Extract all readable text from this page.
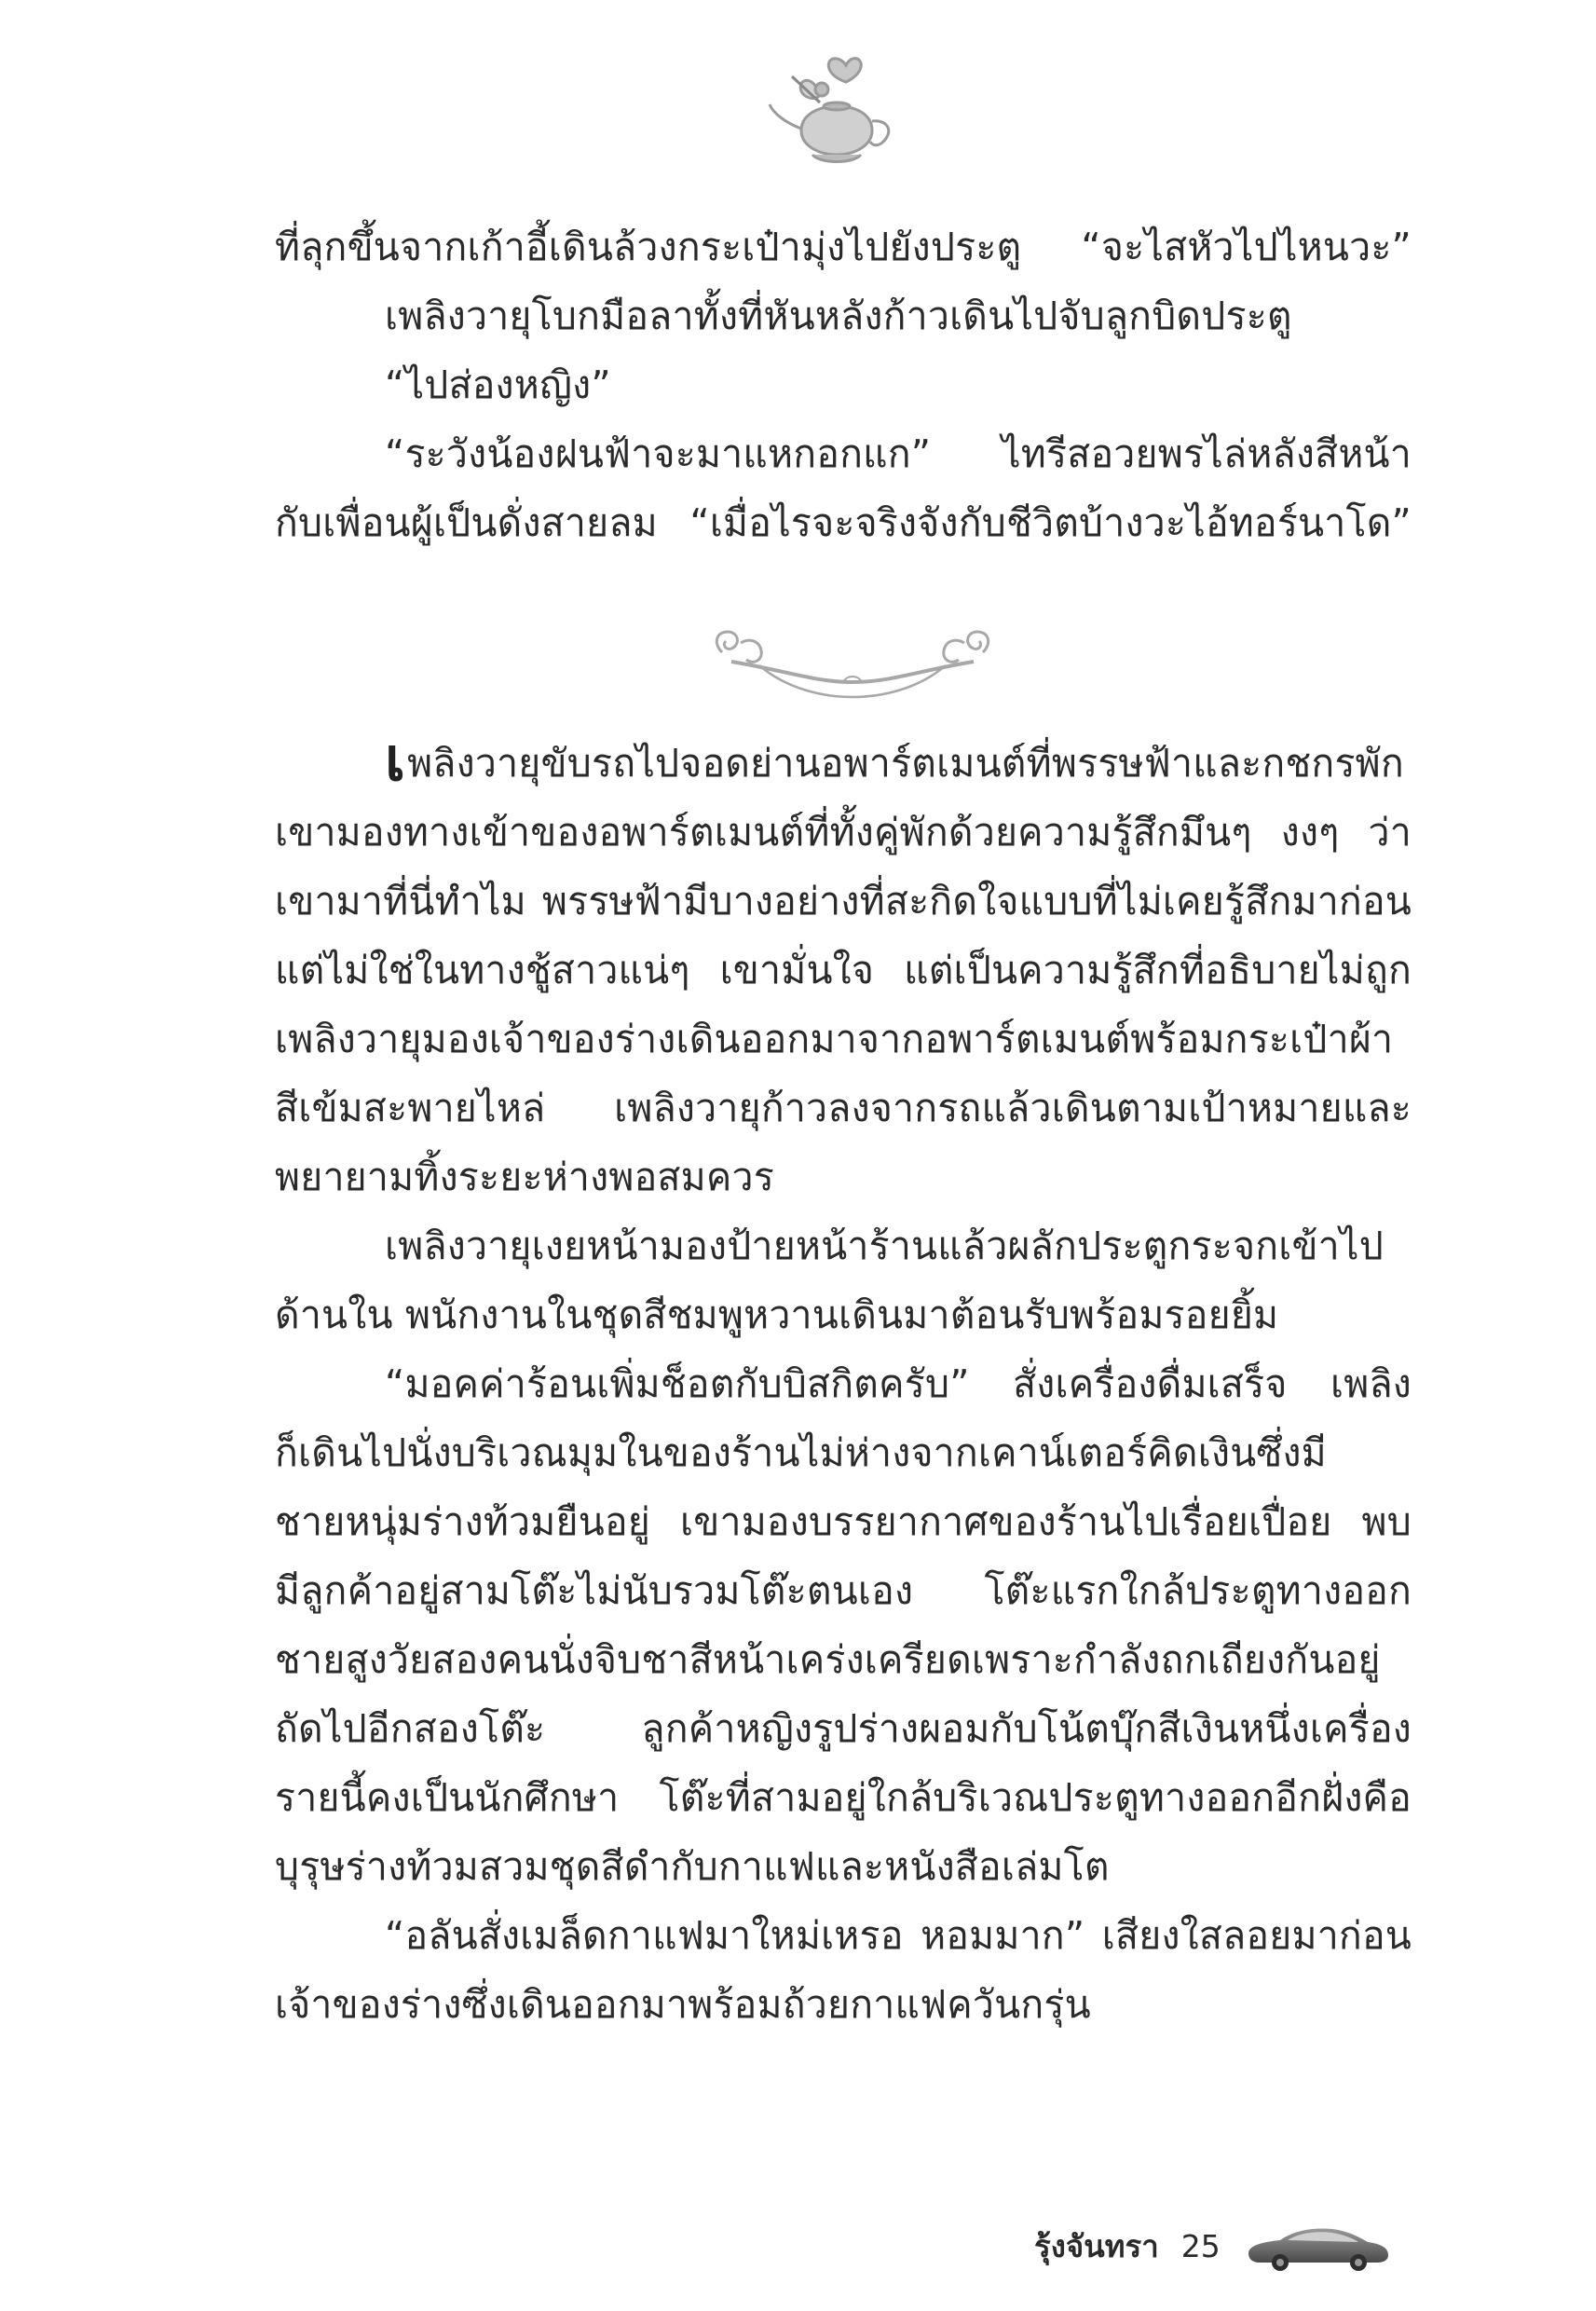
ที่ลุกขึ้นจากเก้าอี้เดินล้วงกระเป๋ามุ่งไปยังประตู “จะไสหัวไปไหนวะ”
เพลิงวายุโบกมือลาทั้งที่หันหลังก้าวเดินไปจับลูกบิดประตู
“ไปส่องหญิง”
“ระวังน้องฝนฟ้าจะมาแหกอกแก” ไทรีสอวยพรไล่หลังสีหน้า
กับเพื่อนผู้เป็นดั่งสายลม “เมื่อไรจะจริงจังกับชีวิตบ้างวะไอ้ทอร์นาโด”
เพลิงวายุขับรถไปจอดย่านอพาร์ตเมนต์ที่พรรษฟ้าและกชกรพัก
เขามองทางเข้าของอพาร์ตเมนต์ที่ทั้งคู่พักด้วยความรู้สึกมึนๆ งงๆ ว่า
เขามาที่นี่ทำไม พรรษฟ้ามีบางอย่างที่สะกิดใจแบบที่ไม่เคยรู้สึกมาก่อน
แต่ไม่ใช่ในทางชู้สาวแน่ๆ เขามั่นใจ แต่เป็นความรู้สึกที่อธิบายไม่ถูก
เพลิงวายุมองเจ้าของร่างเดินออกมาจากอพาร์ตเมนต์พร้อมกระเป๋าผ้า
สีเข้มสะพายไหล่ เพลิงวายุก้าวลงจากรถแล้วเดินตามเป้าหมายและ
พยายามทิ้งระยะห่างพอสมควร
เพลิงวายุเงยหน้ามองป้ายหน้าร้านแล้วผลักประตูกระจกเข้าไป
ด้านใน พนักงานในชุดสีชมพูหวานเดินมาต้อนรับพร้อมรอยยิ้ม
“มอคค่าร้อนเพิ่มช็อตกับบิสกิตครับ” สั่งเครื่องดื่มเสร็จ เพลิง
ก็เดินไปนั่งบริเวณมุมในของร้านไม่ห่างจากเคาน์เตอร์คิดเงินซึ่งมี
ชายหนุ่มร่างท้วมยืนอยู่ เขามองบรรยากาศของร้านไปเรื่อยเปื่อย พบ
มีลูกค้าอยู่สามโต๊ะไม่นับรวมโต๊ะตนเอง โต๊ะแรกใกล้ประตูทางออก
ชายสูงวัยสองคนนั่งจิบชาสีหน้าเคร่งเครียดเพราะกำลังถกเถียงกันอยู่
ถัดไปอีกสองโต๊ะ ลูกค้าหญิงรูปร่างผอมกับโน้ตบุ๊กสีเงินหนึ่งเครื่อง
รายนี้คงเป็นนักศึกษา โต๊ะที่สามอยู่ใกล้บริเวณประตูทางออกอีกฝั่งคือ
บุรุษร่างท้วมสวมชุดสีดำกับกาแฟและหนังสือเล่มโต
“อลันสั่งเมล็ดกาแฟมาใหม่เหรอ หอมมาก” เสียงใสลอยมาก่อน
เจ้าของร่างซึ่งเดินออกมาพร้อมถ้วยกาแฟควันกรุ่น
รุ้งจันทรา 25
